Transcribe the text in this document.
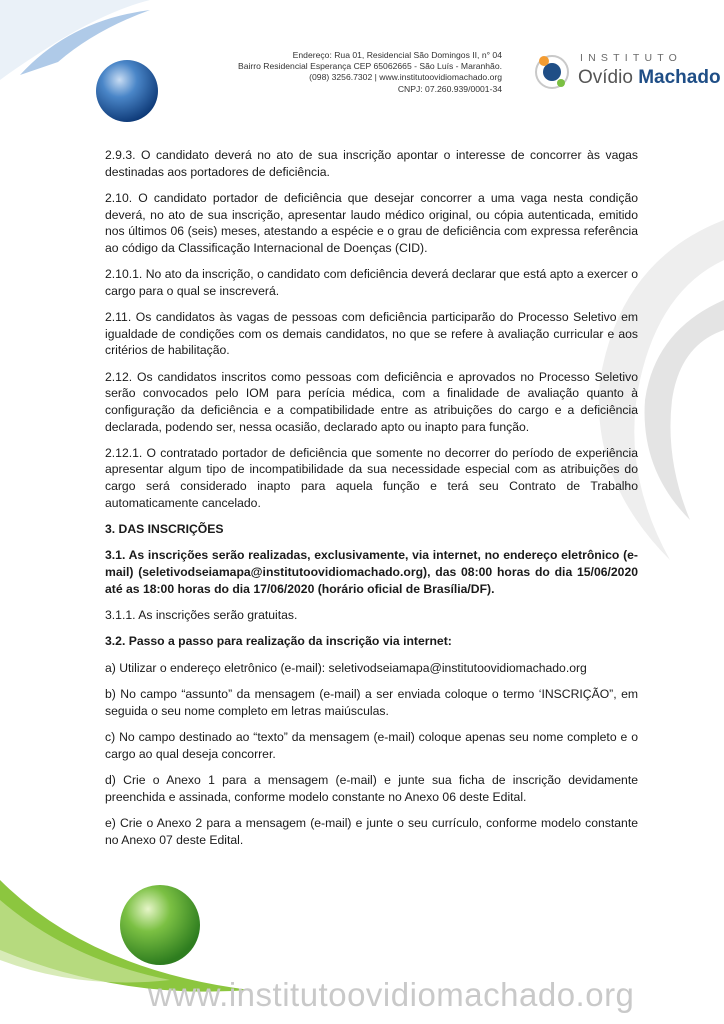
Endereço: Rua 01, Residencial São Domingos II, n° 04
Bairro Residencial Esperança CEP 65062665 - São Luís - Maranhão.
(098) 3256.7302 | www.institutoovidiomachado.org
CNPJ: 07.260.939/0001-34
INSTITUTO
Ovídio Machado

2.9.3. O candidato deverá no ato de sua inscrição apontar o interesse de concorrer às vagas destinadas aos portadores de deficiência.

2.10. O candidato portador de deficiência que desejar concorrer a uma vaga nesta condição deverá, no ato de sua inscrição, apresentar laudo médico original, ou cópia autenticada, emitido nos últimos 06 (seis) meses, atestando a espécie e o grau de deficiência com expressa referência ao código da Classificação Internacional de Doenças (CID).

2.10.1. No ato da inscrição, o candidato com deficiência deverá declarar que está apto a exercer o cargo para o qual se inscreverá.

2.11. Os candidatos às vagas de pessoas com deficiência participarão do Processo Seletivo em igualdade de condições com os demais candidatos, no que se refere à avaliação curricular e aos critérios de habilitação.

2.12. Os candidatos inscritos como pessoas com deficiência e aprovados no Processo Seletivo serão convocados pelo IOM para perícia médica, com a finalidade de avaliação quanto à configuração da deficiência e a compatibilidade entre as atribuições do cargo e a deficiência declarada, podendo ser, nessa ocasião, declarado apto ou inapto para função.

2.12.1. O contratado portador de deficiência que somente no decorrer do período de experiência apresentar algum tipo de incompatibilidade da sua necessidade especial com as atribuições do cargo será considerado inapto para aquela função e terá seu Contrato de Trabalho automaticamente cancelado.

3. DAS INSCRIÇÕES

3.1. As inscrições serão realizadas, exclusivamente, via internet, no endereço eletrônico (e-mail) (seletivodseiamapa@institutoovidiomachado.org), das 08:00 horas do dia 15/06/2020 até as 18:00 horas do dia 17/06/2020 (horário oficial de Brasília/DF).

3.1.1. As inscrições serão gratuitas.

3.2. Passo a passo para realização da inscrição via internet:

a) Utilizar o endereço eletrônico (e-mail): seletivodseiamapa@institutoovidiomachado.org

b) No campo “assunto” da mensagem (e-mail) a ser enviada coloque o termo ‘INSCRIÇÃO”, em seguida o seu nome completo em letras maiúsculas.

c) No campo destinado ao “texto” da mensagem (e-mail) coloque apenas seu nome completo e o cargo ao qual deseja concorrer.

d) Crie o Anexo 1 para a mensagem (e-mail) e junte sua ficha de inscrição devidamente preenchida e assinada, conforme modelo constante no Anexo 06 deste Edital.

e) Crie o Anexo 2 para a mensagem (e-mail) e junte o seu currículo, conforme modelo constante no Anexo 07 deste Edital.

www.institutoovidiomachado.org
